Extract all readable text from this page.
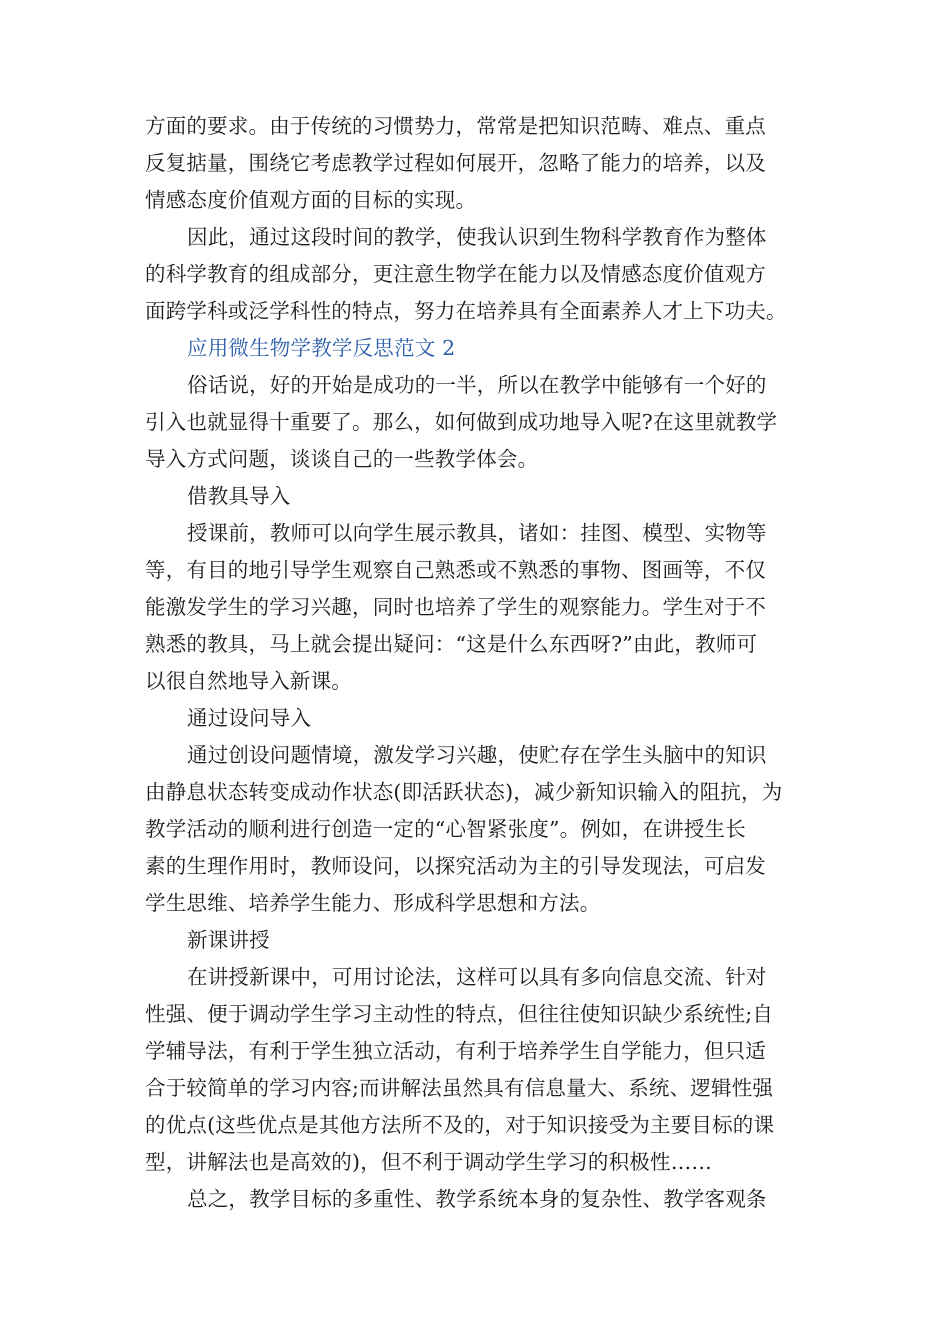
方面的要求。由于传统的习惯势力，常常是把知识范畴、难点、重点
反复掂量，围绕它考虑教学过程如何展开，忽略了能力的培养，以及
情感态度价值观方面的目标的实现。
因此，通过这段时间的教学，使我认识到生物科学教育作为整体
的科学教育的组成部分，更注意生物学在能力以及情感态度价值观方
面跨学科或泛学科性的特点，努力在培养具有全面素养人才上下功夫。
应用微生物学教学反思范文 2
俗话说，好的开始是成功的一半，所以在教学中能够有一个好的
引入也就显得十重要了。那么，如何做到成功地导入呢?在这里就教学
导入方式问题，谈谈自己的一些教学体会。
借教具导入
授课前，教师可以向学生展示教具，诸如：挂图、模型、实物等
等，有目的地引导学生观察自己熟悉或不熟悉的事物、图画等，不仅
能激发学生的学习兴趣，同时也培养了学生的观察能力。学生对于不
熟悉的教具，马上就会提出疑问：“这是什么东西呀?”由此，教师可
以很自然地导入新课。
通过设问导入
通过创设问题情境，激发学习兴趣，使贮存在学生头脑中的知识
由静息状态转变成动作状态(即活跃状态)，减少新知识输入的阻抗，为
教学活动的顺利进行创造一定的“心智紧张度”。例如，在讲授生长
素的生理作用时，教师设问，以探究活动为主的引导发现法，可启发
学生思维、培养学生能力、形成科学思想和方法。
新课讲授
在讲授新课中，可用讨论法，这样可以具有多向信息交流、针对
性强、便于调动学生学习主动性的特点，但往往使知识缺少系统性;自
学辅导法，有利于学生独立活动，有利于培养学生自学能力，但只适
合于较简单的学习内容;而讲解法虽然具有信息量大、系统、逻辑性强
的优点(这些优点是其他方法所不及的，对于知识接受为主要目标的课
型，讲解法也是高效的)，但不利于调动学生学习的积极性……
总之，教学目标的多重性、教学系统本身的复杂性、教学客观条
